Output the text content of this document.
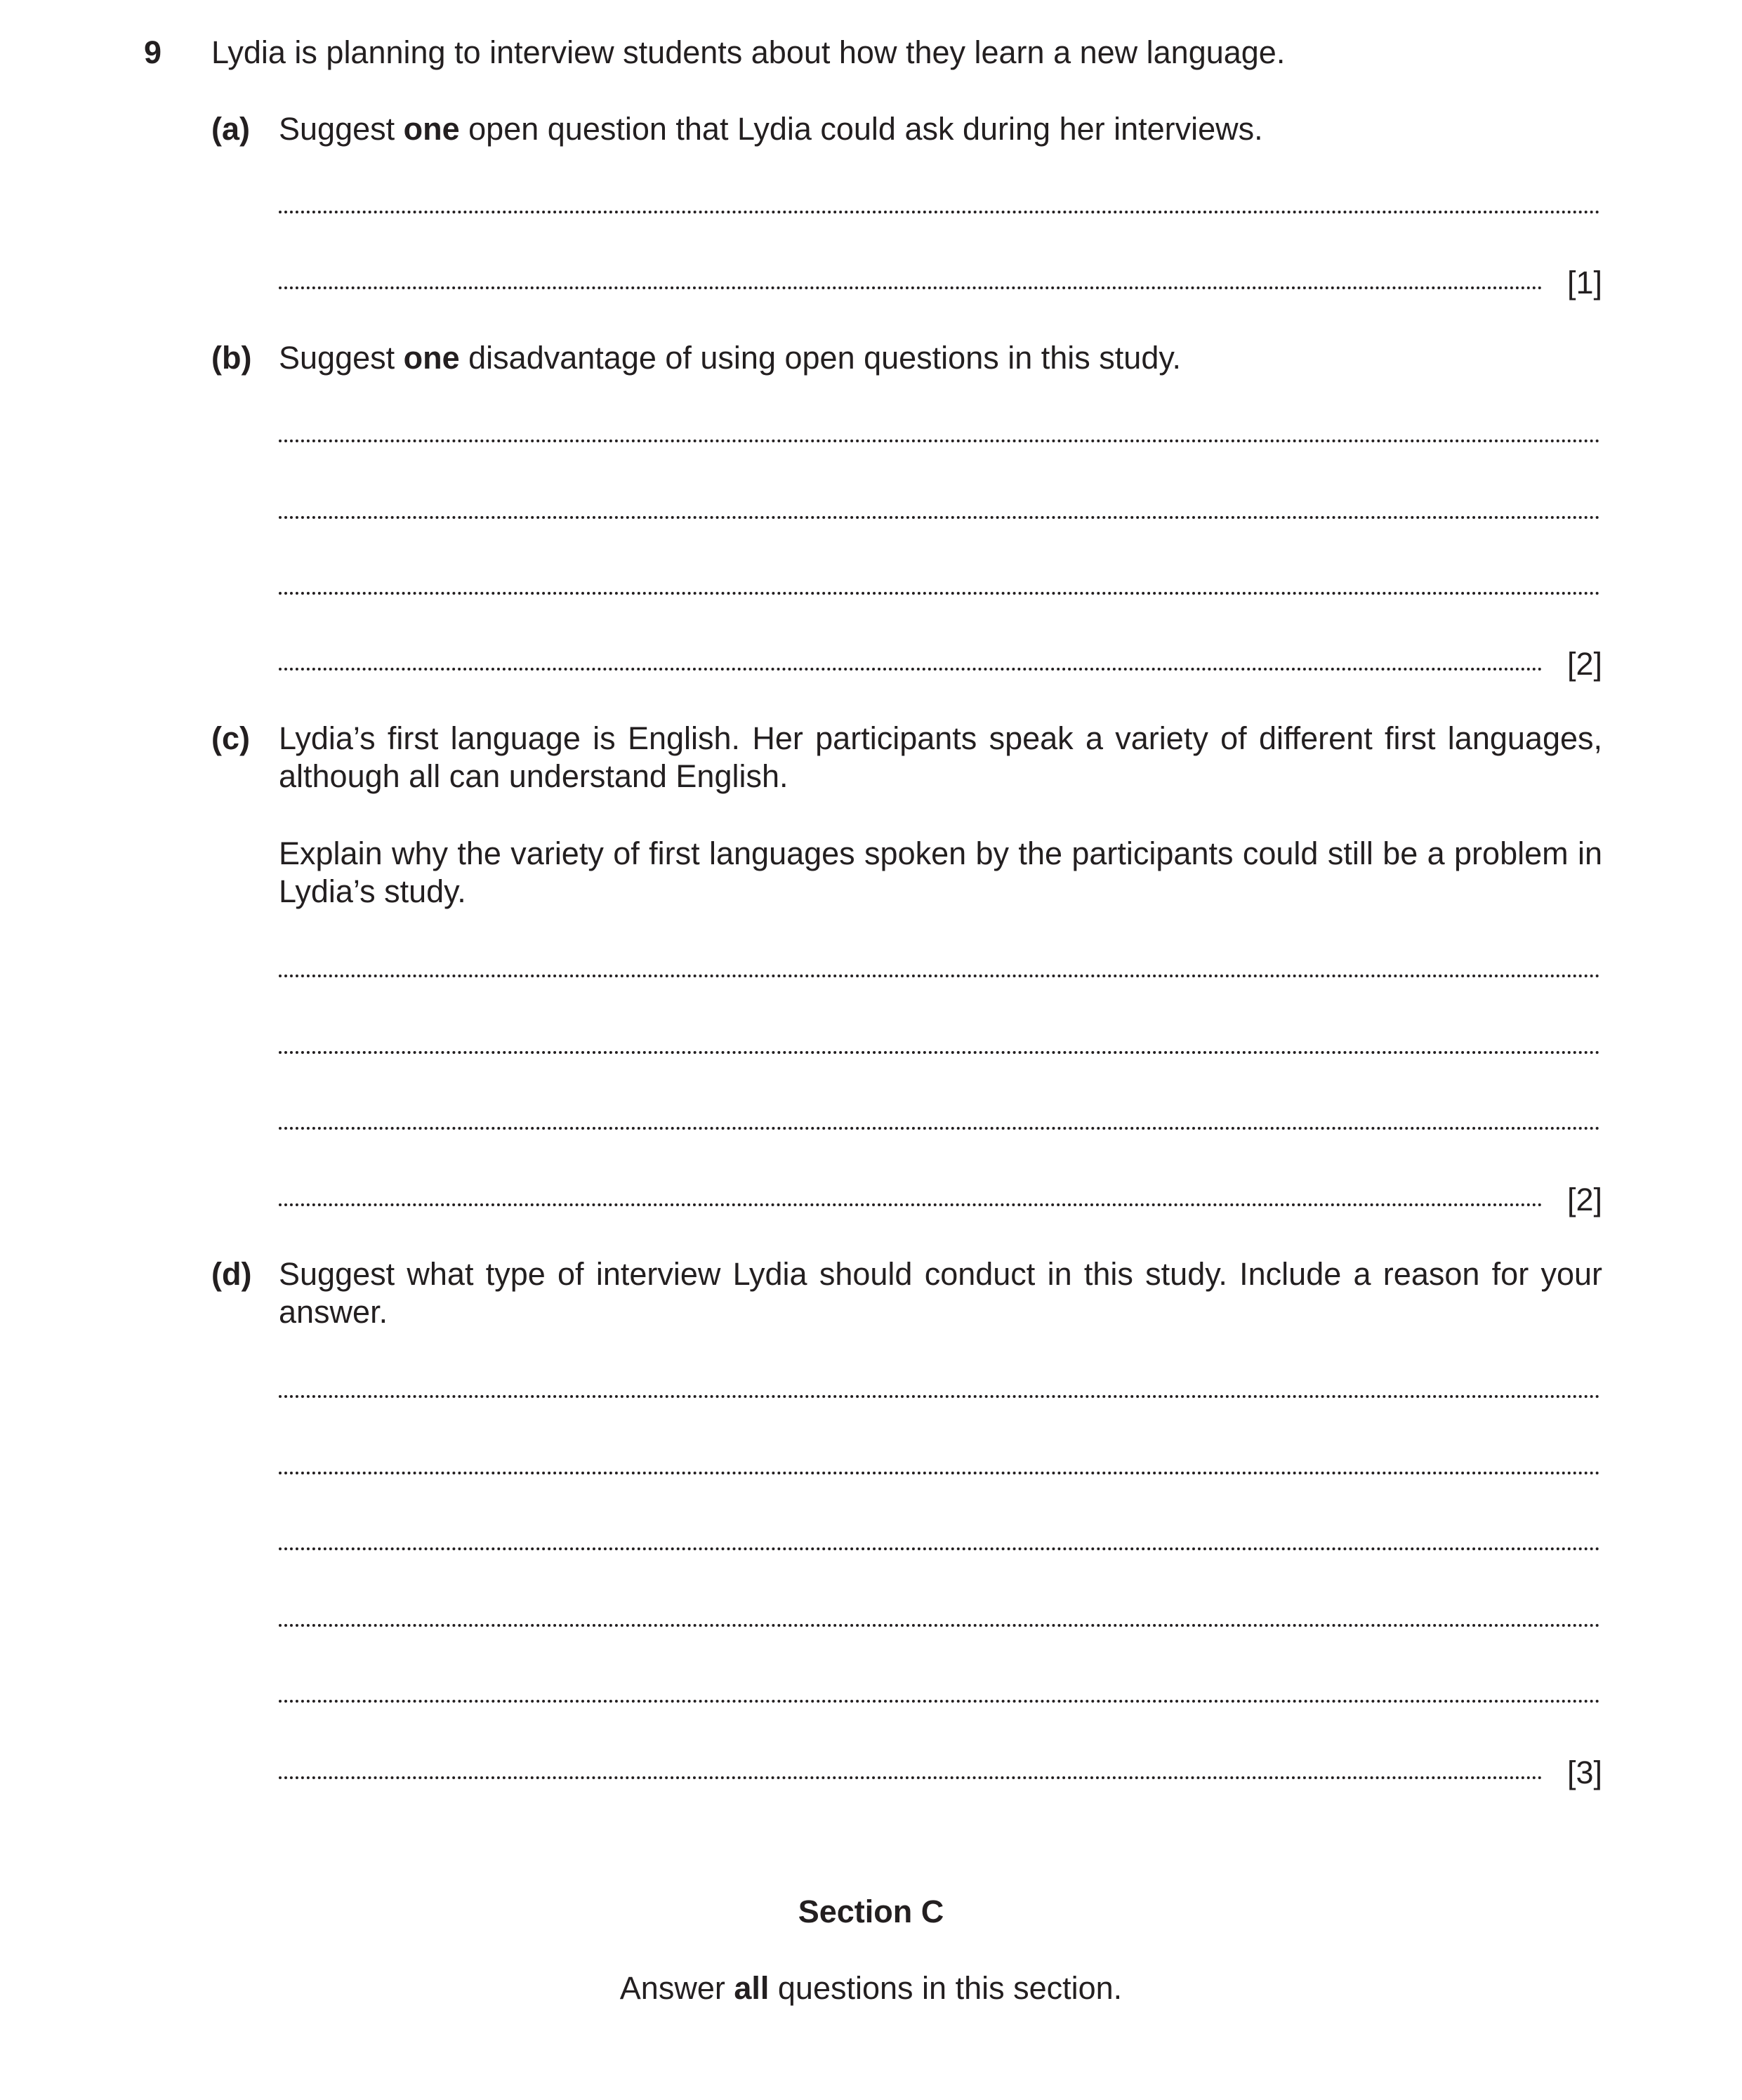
9 Lydia is planning to interview students about how they learn a new language.
(a) Suggest one open question that Lydia could ask during her interviews.
[1]
(b) Suggest one disadvantage of using open questions in this study.
[2]
(c) Lydia’s first language is English. Her participants speak a variety of different first languages, although all can understand English.
Explain why the variety of first languages spoken by the participants could still be a problem in Lydia’s study.
[2]
(d) Suggest what type of interview Lydia should conduct in this study. Include a reason for your answer.
[3]
Section C
Answer all questions in this section.
